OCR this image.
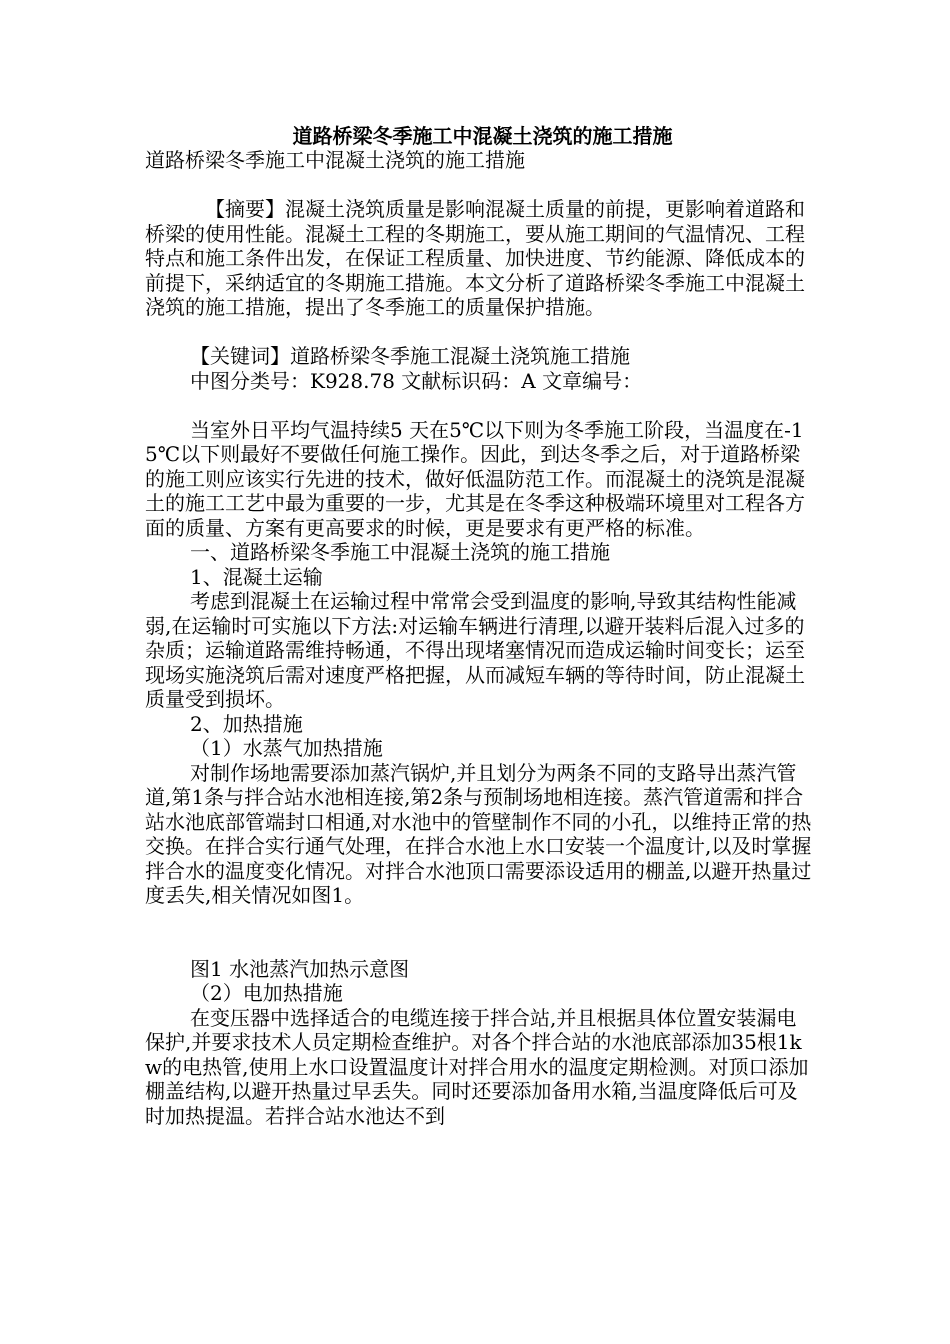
道路桥梁冬季施工中混凝土浇筑的施工措施

道路桥梁冬季施工中混凝土浇筑的施工措施

【摘要】混凝土浇筑质量是影响混凝土质量的前提，更影响着道路和桥梁的使用性能。混凝土工程的冬期施工，要从施工期间的气温情况、工程特点和施工条件出发，在保证工程质量、加快进度、节约能源、降低成本的前提下，采纳适宜的冬期施工措施。本文分析了道路桥梁冬季施工中混凝土浇筑的施工措施，提出了冬季施工的质量保护措施。

【关键词】道路桥梁冬季施工混凝土浇筑施工措施

中图分类号：K928.78 文献标识码：A 文章编号：

当室外日平均气温持续5 天在5℃以下则为冬季施工阶段，当温度在-15℃以下则最好不要做任何施工操作。因此，到达冬季之后，对于道路桥梁的施工则应该实行先进的技术，做好低温防范工作。而混凝土的浇筑是混凝土的施工工艺中最为重要的一步，尤其是在冬季这种极端环境里对工程各方面的质量、方案有更高要求的时候，更是要求有更严格的标准。

一、道路桥梁冬季施工中混凝土浇筑的施工措施

1、混凝土运输

考虑到混凝土在运输过程中常常会受到温度的影响,导致其结构性能减弱,在运输时可实施以下方法:对运输车辆进行清理,以避开装料后混入过多的杂质；运输道路需维持畅通，不得出现堵塞情况而造成运输时间变长；运至现场实施浇筑后需对速度严格把握，从而减短车辆的等待时间，防止混凝土质量受到损坏。

2、加热措施

（1）水蒸气加热措施

对制作场地需要添加蒸汽锅炉,并且划分为两条不同的支路导出蒸汽管道,第1条与拌合站水池相连接,第2条与预制场地相连接。蒸汽管道需和拌合站水池底部管端封口相通,对水池中的管壁制作不同的小孔，以维持正常的热交换。在拌合实行通气处理，在拌合水池上水口安装一个温度计,以及时掌握拌合水的温度变化情况。对拌合水池顶口需要添设适用的棚盖,以避开热量过度丢失,相关情况如图1。

图1 水池蒸汽加热示意图

（2）电加热措施

在变压器中选择适合的电缆连接于拌合站,并且根据具体位置安装漏电保护,并要求技术人员定期检查维护。对各个拌合站的水池底部添加35根1kw的电热管,使用上水口设置温度计对拌合用水的温度定期检测。对顶口添加棚盖结构,以避开热量过早丢失。同时还要添加备用水箱,当温度降低后可及时加热提温。若拌合站水池达不到
